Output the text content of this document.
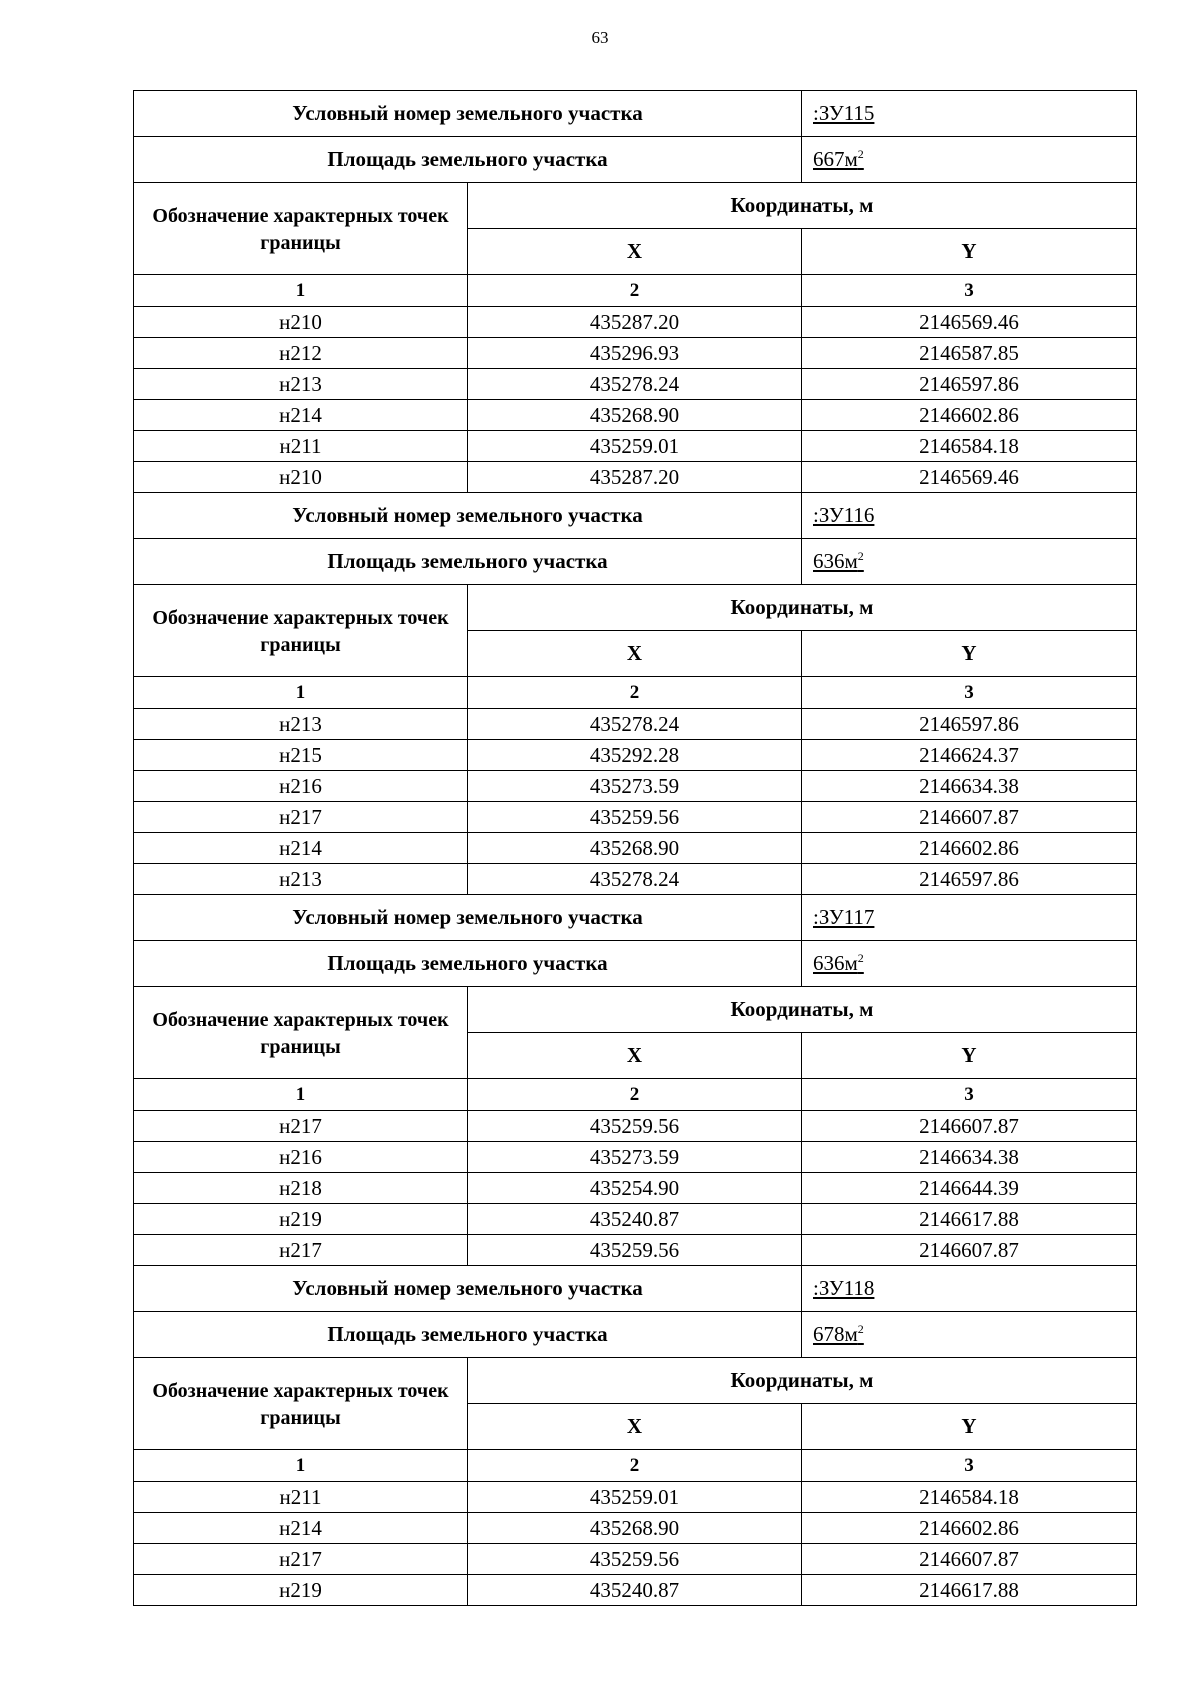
63
Условный номер земельного участка		:ЗУ115
Площадь земельного участка		$667м^2$
Обозначение характерных точек границы	Координаты, м	
	X	Y
1	2	3
н210	435287.20	2146569.46
н212	435296.93	2146587.85
н213	435278.24	2146597.86
н214	435268.90	2146602.86
н211	435259.01	2146584.18
н210	435287.20	2146569.46
Условный номер земельного участка		:ЗУ116
Площадь земельного участка		$636м^2$
Обозначение характерных точек границы	Координаты, м	
	X	Y
1	2	3
н213	435278.24	2146597.86
н215	435292.28	2146624.37
н216	435273.59	2146634.38
н217	435259.56	2146607.87
н214	435268.90	2146602.86
н213	435278.24	2146597.86
Условный номер земельного участка		:ЗУ117
Площадь земельного участка		$636м^2$
Обозначение характерных точек границы	Координаты, м	
	X	Y
1	2	3
н217	435259.56	2146607.87
н216	435273.59	2146634.38
н218	435254.90	2146644.39
н219	435240.87	2146617.88
н217	435259.56	2146607.87
Условный номер земельного участка		:ЗУ118
Площадь земельного участка		$678м^2$
Обозначение характерных точек границы	Координаты, м	
	X	Y
1	2	3
н211	435259.01	2146584.18
н214	435268.90	2146602.86
н217	435259.56	2146607.87
н219	435240.87	2146617.88
